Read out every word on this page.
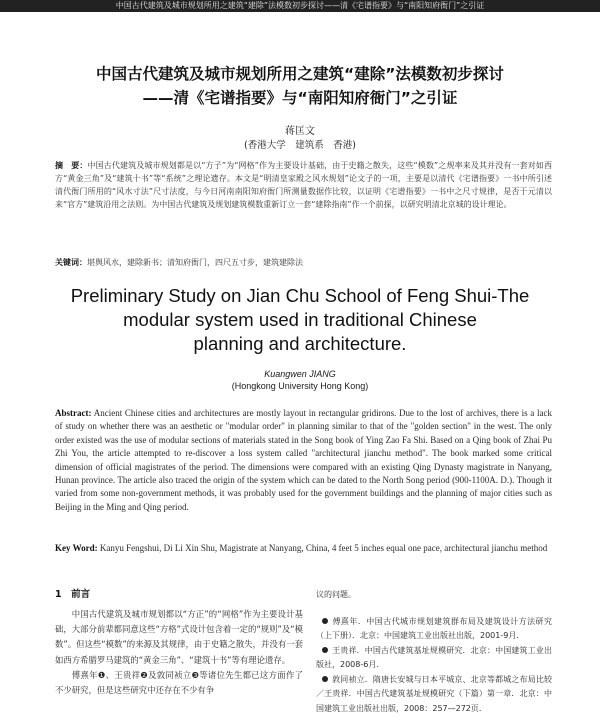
中国古代建筑及城市规划所用之建筑“建除”法模数初步探讨——清《宅谱指要》与“南阳知府衙门”之引证
中国古代建筑及城市规划所用之建筑“建除”法模数初步探讨
——清《宅谱指要》与“南阳知府衙门”之引证
蒋匡文
(香港大学　建筑系　香港)
摘　要：中国古代建筑及城市规划都是以“方子”为“网格”作为主要设计基础，由于史籍之散失，这些“模数”之规率来及其并没有一套对如西方“黄金三角”及“建筑十书”等“系统”之理论遗存。本文是“明清皇家殿之风水规划”论文子的一项，主要是以清代《宅谱指要》一书中所引述清代衙门所用的“风水寸法”尺寸法度，与今日河南南阳知府衙门所测量数据作比较，以证明《宅谱指要》一书中之尺寸规律，是否于元清以来“官方”建筑沿用之法则。为中国古代建筑及规划建筑模数重新订立一套“建除指南”作一个前探，以研究明清北京城的设计理论。
关键词：堪舆风水，建除新书；清知府衙门，四尺五寸步，建筑建除法
Preliminary Study on Jian Chu School of Feng Shui-The
modular system used in traditional Chinese
planning and architecture.
Kuangwen JIANG
(Hongkong University Hong Kong)
Abstract: Ancient Chinese cities and architectures are mostly layout in rectangular gridirons. Due to the lost of archives, there is a lack of study on whether there was an aesthetic or "modular order" in planning similar to that of the "golden section" in the west. The only order existed was the use of modular sections of materials stated in the Song book of Ying Zao Fa Shi. Based on a Qing book of Zhai Pu Zhi You, the article attempted to re-discover a loss system called "architectural jianchu method". The book marked some critical dimension of official magistrates of the period. The dimensions were compared with an existing Qing Dynasty magistrate in Nanyang, Hunan province. The article also traced the origin of the system which can be dated to the North Song period (900-1100A. D.). Though it varied from some non-government methods, it was probably used for the government buildings and the planning of major cities such as Beijing in the Ming and Qing period.
Key Word: Kanyu Fengshui, Di Li Xin Shu, Magistrate at Nanyang, China, 4 feet 5 inches equal one pace, architectural jianchu method
1　前言

中国古代建筑及城市规划都以“方正”的“网格”作为主要设计基础，大部分前辈都同意这些“方格”式设计包含着一定的“规则”及“模数”。但这些“模数”的来源及其规律，由于史籍之散失，并没有一套如西方希腊罗马建筑的“黄金三角”、“建筑十书”等有理论遗存。

傅熹年❶、王贵祥❷及敦同祯立❸等诸位先生都已这方面作了不少研究，但是这些研究中还存在不少有争

议的问题。

傅熹年．中国古代城市规划建筑群布局及建筑设计方法研究（上下册）．北京：中国建筑工业出版社出版，2001-9月．

王贵祥．中国古代建筑基址规模研究．北京：中国建筑工业出版社，2008-6月．

敦同祯立．隋唐长安城与日本平城京、北京等都城之布局比较／王贵祥．中国古代建筑基址规模研究（下篇）第一章．北京：中国建筑工业出版社出版，2008：257—272页．
